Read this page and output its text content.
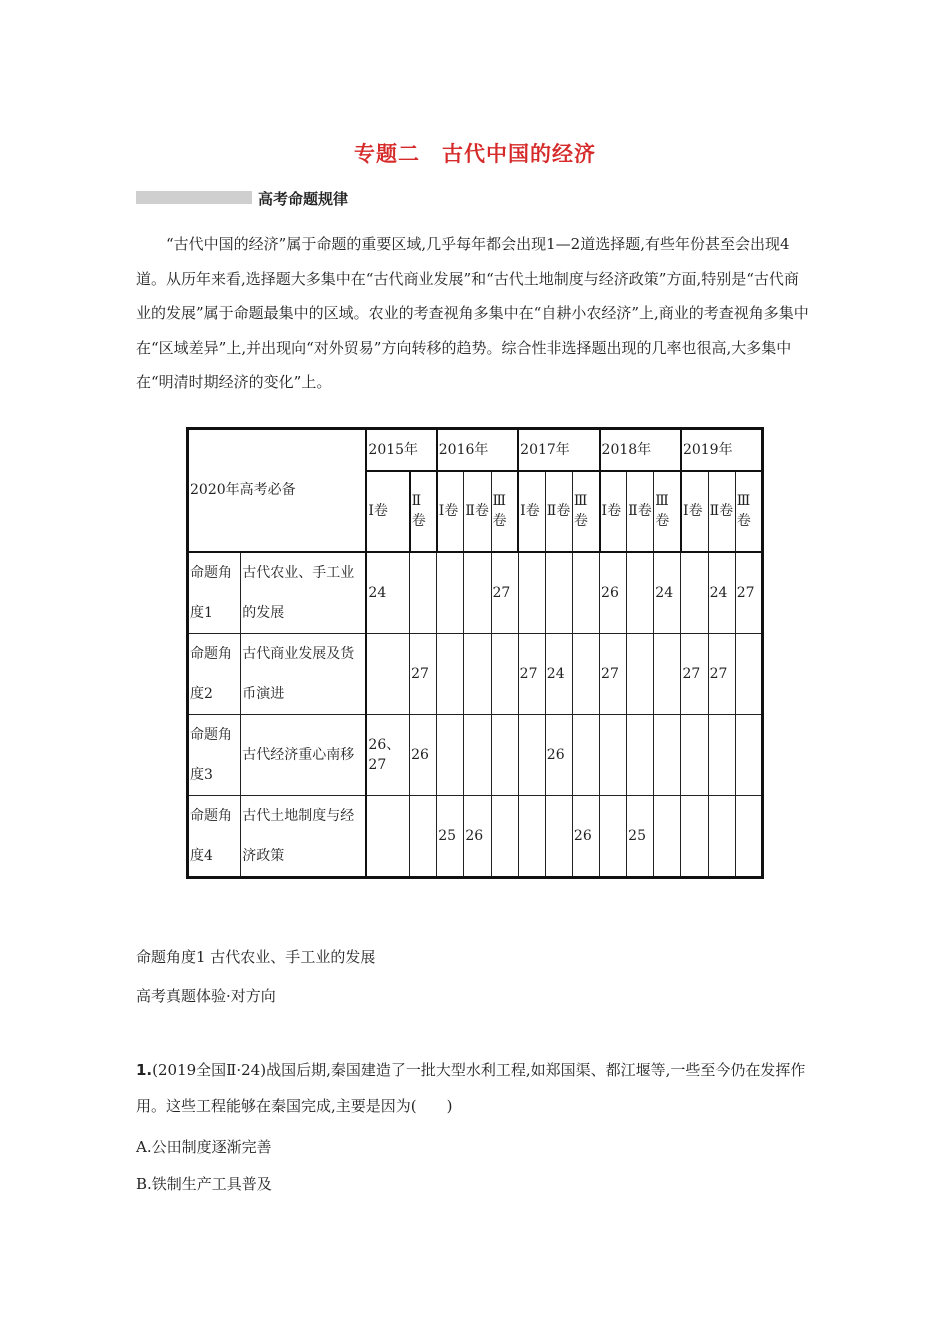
专题二　古代中国的经济
高考命题规律

“古代中国的经济”属于命题的重要区域,几乎每年都会出现1—2道选择题,有些年份甚至会出现4道。从历年来看,选择题大多集中在“古代商业发展”和“古代土地制度与经济政策”方面,特别是“古代商业的发展”属于命题最集中的区域。农业的考查视角多集中在“自耕小农经济”上,商业的考查视角多集中在“区域差异”上,并出现向“对外贸易”方向转移的趋势。综合性非选择题出现的几率也很高,大多集中在“明清时期经济的变化”上。

2020年高考必备		2015年		2016年			2017年			2018年			2019年		
		Ⅰ卷	Ⅱ卷	Ⅰ卷	Ⅱ卷	Ⅲ卷	Ⅰ卷	Ⅱ卷	Ⅲ卷	Ⅰ卷	Ⅱ卷	Ⅲ卷	Ⅰ卷	Ⅱ卷	Ⅲ卷
命题角度1	古代农业、手工业的发展	24				27				26		24		24	27
命题角度2	古代商业发展及货币演进		27				27	24		27			27	27	
命题角度3	古代经济重心南移	26、27	26					26							
命题角度4	古代土地制度与经济政策			25	26				26		25				
命题角度1 古代农业、手工业的发展
高考真题体验·对方向
1.(2019全国Ⅱ·24)战国后期,秦国建造了一批大型水利工程,如郑国渠、都江堰等,一些至今仍在发挥作用。这些工程能够在秦国完成,主要是因为(　　)
A.公田制度逐渐完善
B.铁制生产工具普及
